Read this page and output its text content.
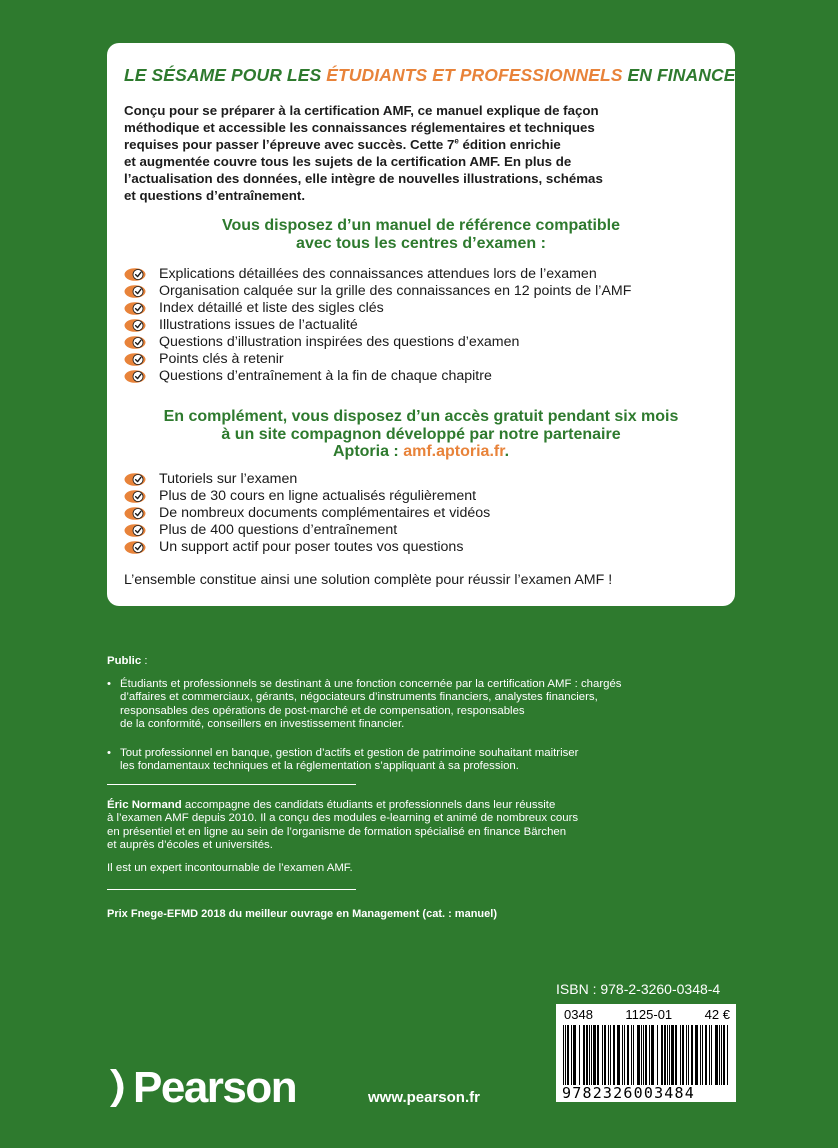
LE SÉSAME POUR LES ÉTUDIANTS ET PROFESSIONNELS EN FINANCE
Conçu pour se préparer à la certification AMF, ce manuel explique de façon
méthodique et accessible les connaissances réglementaires et techniques
requises pour passer l’épreuve avec succès. Cette 7e édition enrichie
et augmentée couvre tous les sujets de la certification AMF. En plus de
l’actualisation des données, elle intègre de nouvelles illustrations, schémas
et questions d’entraînement.
Vous disposez d’un manuel de référence compatible
avec tous les centres d’examen :
Explications détaillées des connaissances attendues lors de l’examen
Organisation calquée sur la grille des connaissances en 12 points de l’AMF
Index détaillé et liste des sigles clés
Illustrations issues de l’actualité
Questions d’illustration inspirées des questions d’examen
Points clés à retenir
Questions d’entraînement à la fin de chaque chapitre
En complément, vous disposez d’un accès gratuit pendant six mois
à un site compagnon développé par notre partenaire
Aptoria : amf.aptoria.fr.
Tutoriels sur l’examen
Plus de 30 cours en ligne actualisés régulièrement
De nombreux documents complémentaires et vidéos
Plus de 400 questions d’entraînement
Un support actif pour poser toutes vos questions
L’ensemble constitue ainsi une solution complète pour réussir l’examen AMF !
Public :
• Étudiants et professionnels se destinant à une fonction concernée par la certification AMF : chargés
d’affaires et commerciaux, gérants, négociateurs d’instruments financiers, analystes financiers,
responsables des opérations de post-marché et de compensation, responsables
de la conformité, conseillers en investissement financier.
• Tout professionnel en banque, gestion d’actifs et gestion de patrimoine souhaitant maitriser
les fondamentaux techniques et la réglementation s’appliquant à sa profession.
Éric Normand accompagne des candidats étudiants et professionnels dans leur réussite
à l’examen AMF depuis 2010. Il a conçu des modules e-learning et animé de nombreux cours
en présentiel et en ligne au sein de l’organisme de formation spécialisé en finance Bärchen
et auprès d’écoles et universités.
Il est un expert incontournable de l’examen AMF.
Prix Fnege-EFMD 2018 du meilleur ouvrage en Management (cat. : manuel)
ISBN : 978-2-3260-0348-4
0348	1125-01	42 €
9782326003484
Pearson	www.pearson.fr
